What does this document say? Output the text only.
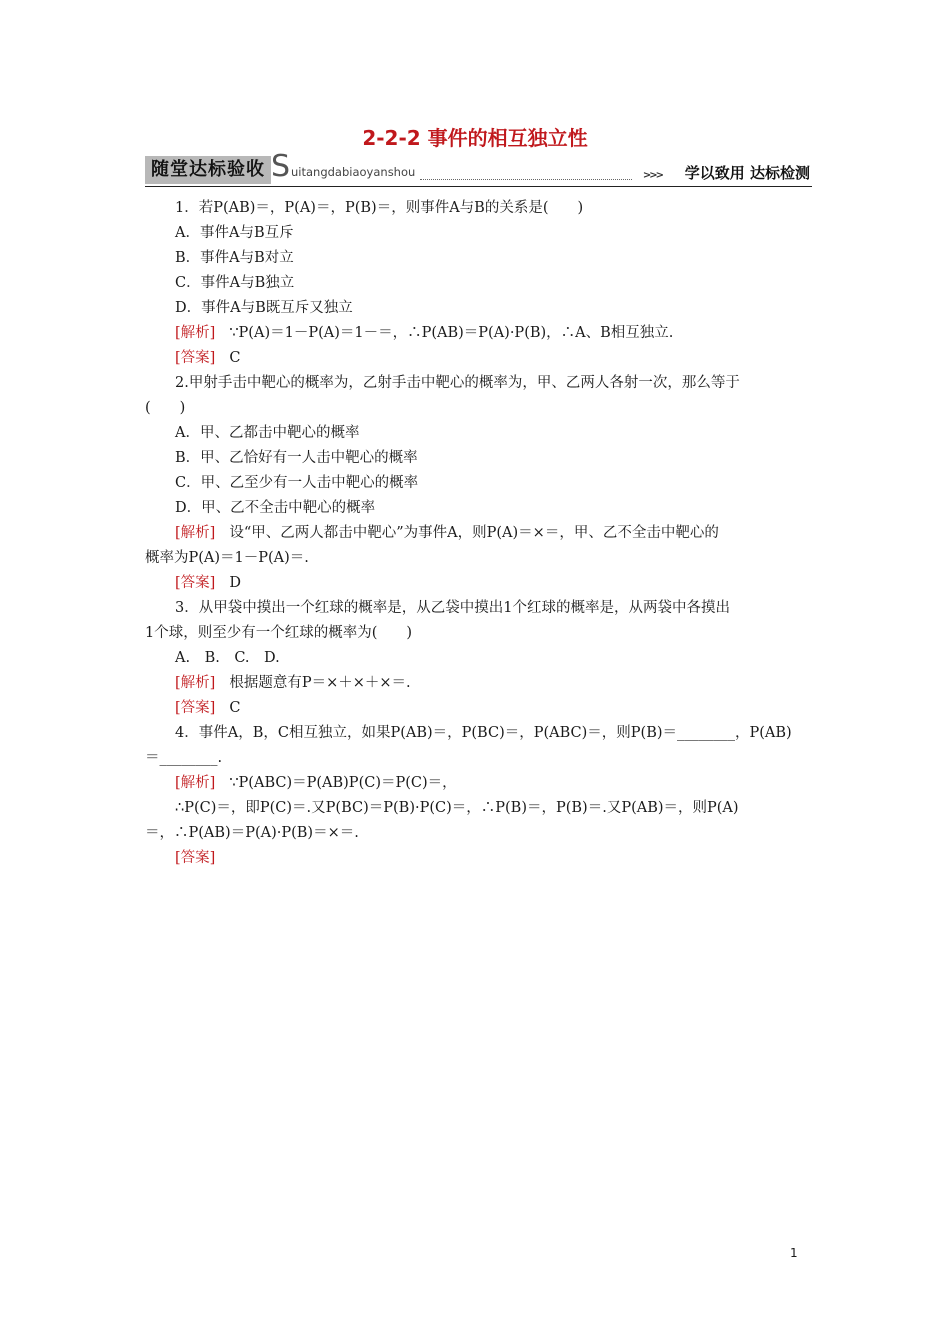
2-2-2 事件的相互独立性
随堂达标验收 S uitangdabiaoyanshou	>>> 学以致用 达标检测
1．若P(AB)＝，P(A)＝，P(B)＝，则事件A与B的关系是(　　)
A．事件A与B互斥
B．事件A与B对立
C．事件A与B独立
D．事件A与B既互斥又独立
[解析] ∵P(A)＝1－P(A)＝1－＝，∴P(AB)＝P(A)·P(B)，∴A、B相互独立.
[答案] C
2.甲射手击中靶心的概率为，乙射手击中靶心的概率为，甲、乙两人各射一次，那么等于
(　　)
A．甲、乙都击中靶心的概率
B．甲、乙恰好有一人击中靶心的概率
C．甲、乙至少有一人击中靶心的概率
D．甲、乙不全击中靶心的概率
[解析] 设“甲、乙两人都击中靶心”为事件A，则P(A)＝×＝，甲、乙不全击中靶心的
概率为P(A)＝1－P(A)＝.
[答案] D
3．从甲袋中摸出一个红球的概率是，从乙袋中摸出1个红球的概率是，从两袋中各摸出
1个球，则至少有一个红球的概率为(　　)
A.　B.　C.　D.
[解析] 根据题意有P＝×＋×＋×＝.
[答案] C
4．事件A，B，C相互独立，如果P(AB)＝，P(BC)＝，P(ABC)＝，则P(B)＝________，P(AB)
＝________.
[解析] ∵P(ABC)＝P(AB)P(C)＝P(C)＝，
∴P(C)＝，即P(C)＝.又P(BC)＝P(B)·P(C)＝，∴P(B)＝，P(B)＝.又P(AB)＝，则P(A)
＝，∴P(AB)＝P(A)·P(B)＝×＝.
[答案]
1
